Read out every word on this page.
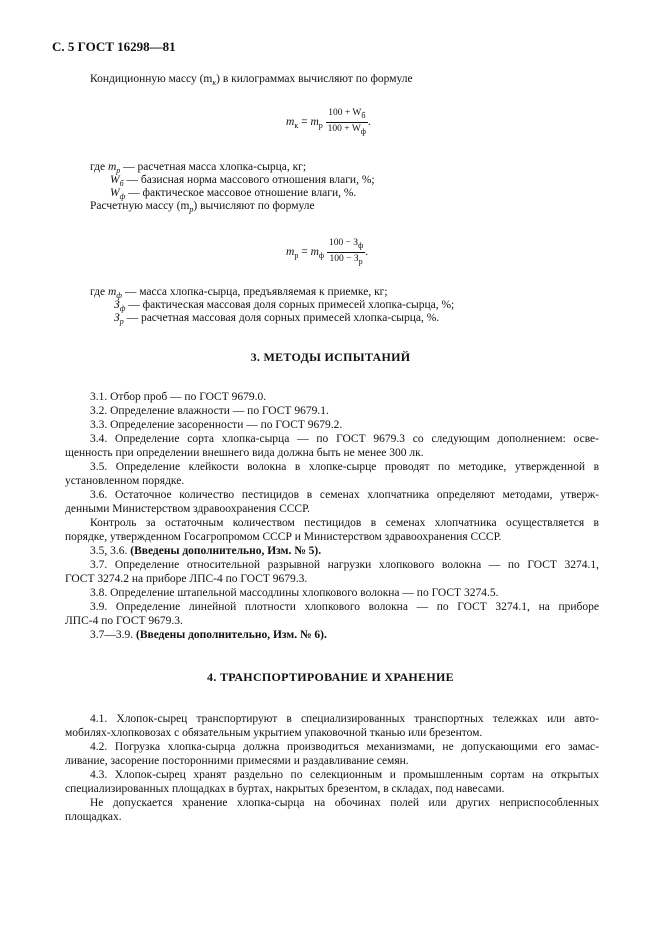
С. 5 ГОСТ 16298—81
Кондиционную массу $(m_к)$ в килограммах вычисляют по формуле
$m_к = m_р \frac{100 + W_б}{100 + W_ф}$ .
где $m_р$ — расчетная масса хлопка-сырца, кг;
$W_б$ — базисная норма массового отношения влаги, %;
$W_ф$ — фактическое массовое отношение влаги, %.
Расчетную массу $(m_р)$ вычисляют по формуле
$m_р = m_ф \frac{100 - З_ф}{100 - З_р}$ .
где $m_ф$ — масса хлопка-сырца, предъявляемая к приемке, кг;
$З_ф$ — фактическая массовая доля сорных примесей хлопка-сырца, %;
$З_р$ — расчетная массовая доля сорных примесей хлопка-сырца, %.
3. МЕТОДЫ ИСПЫТАНИЙ
3.1. Отбор проб — по ГОСТ 9679.0.
3.2. Определение влажности — по ГОСТ 9679.1.
3.3. Определение засоренности — по ГОСТ 9679.2.
3.4. Определение сорта хлопка-сырца — по ГОСТ 9679.3 со следующим дополнением: осве-
щенность при определении внешнего вида должна быть не менее 300 лк.
3.5. Определение клейкости волокна в хлопке-сырце проводят по методике, утвержденной в
установленном порядке.
3.6. Остаточное количество пестицидов в семенах хлопчатника определяют методами, утверж-
денными Министерством здравоохранения СССР.
Контроль за остаточным количеством пестицидов в семенах хлопчатника осуществляется в
порядке, утвержденном Госагропромом СССР и Министерством здравоохранения СССР.
3.5, 3.6. (Введены дополнительно, Изм. № 5).
3.7. Определение относительной разрывной нагрузки хлопкового волокна — по ГОСТ 3274.1,
ГОСТ 3274.2 на приборе ЛПС-4 по ГОСТ 9679.3.
3.8. Определение штапельной массодлины хлопкового волокна — по ГОСТ 3274.5.
3.9. Определение линейной плотности хлопкового волокна — по ГОСТ 3274.1, на приборе
ЛПС-4 по ГОСТ 9679.3.
3.7—3.9. (Введены дополнительно, Изм. № 6).
4. ТРАНСПОРТИРОВАНИЕ И ХРАНЕНИЕ
4.1. Хлопок-сырец транспортируют в специализированных транспортных тележках или авто-
мобилях-хлопковозах с обязательным укрытием упаковочной тканью или брезентом.
4.2. Погрузка хлопка-сырца должна производиться механизмами, не допускающими его замас-
ливание, засорение посторонними примесями и раздавливание семян.
4.3. Хлопок-сырец хранят раздельно по селекционным и промышленным сортам на открытых
специализированных площадках в буртах, накрытых брезентом, в складах, под навесами.
Не допускается хранение хлопка-сырца на обочинах полей или других неприспособленных
площадках.
